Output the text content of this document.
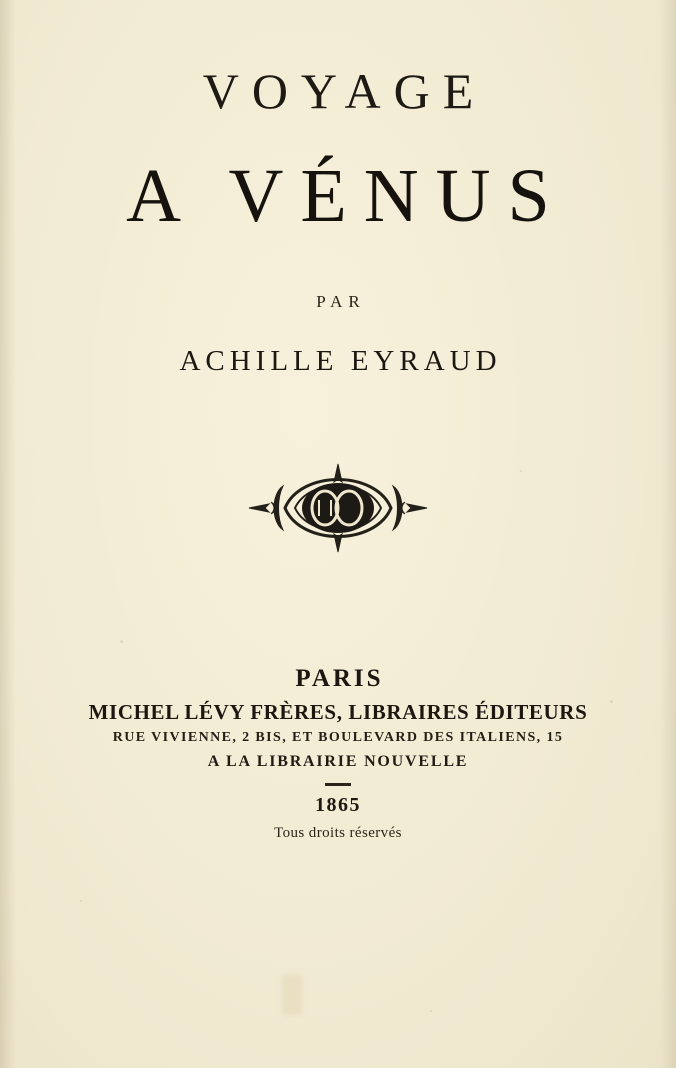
VOYAGE
A VÉNUS
PAR
ACHILLE EYRAUD
PARIS
MICHEL LÉVY FRÈRES, LIBRAIRES ÉDITEURS
RUE VIVIENNE, 2 BIS, ET BOULEVARD DES ITALIENS, 15
A LA LIBRAIRIE NOUVELLE
1865
Tous droits réservés
